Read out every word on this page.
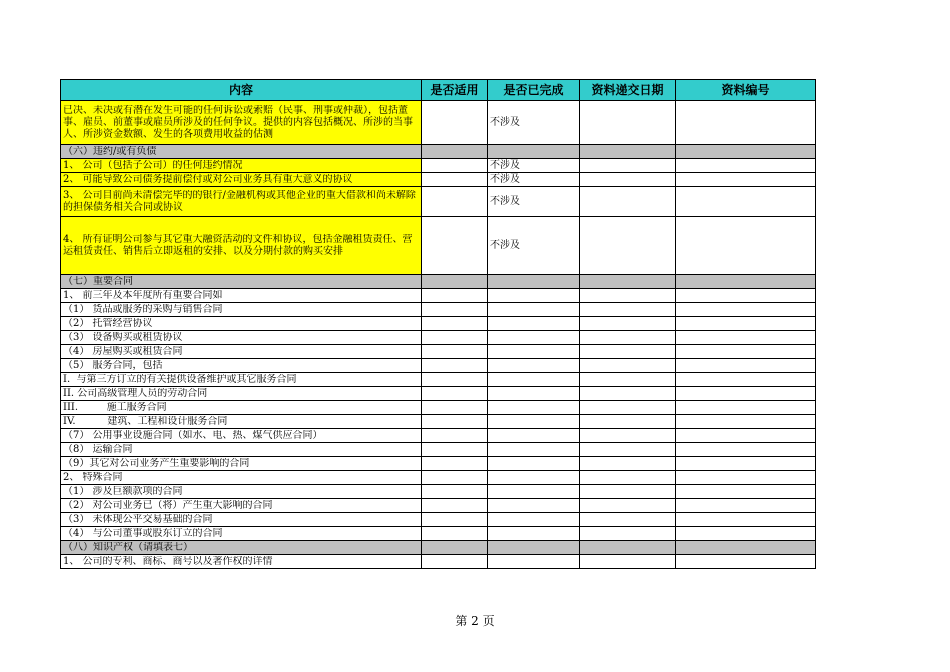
内容	是否适用	是否已完成	资料递交日期	资料编号

已决、未决或有潜在发生可能的任何诉讼或索赔（民事、刑事或仲裁），包括董事、雇员、前董事或雇员所涉及的任何争议。提供的内容包括概况、所涉的当事人、所涉资金数额、发生的各项费用收益的估测		不涉及		

（六）违约/或有负债				

1、 公司（包括子公司）的任何违约情况		不涉及		

2、 可能导致公司债务提前偿付或对公司业务具有重大意义的协议		不涉及		

3、 公司目前尚未清偿完毕的的银行/金融机构或其他企业的重大借款和尚未解除的担保债务相关合同或协议		不涉及		

4、 所有证明公司参与其它重大融资活动的文件和协议，包括金融租赁责任、营运租赁责任、销售后立即返租的安排、以及分期付款的购买安排		不涉及		

（七）重要合同				

1、 前三年及本年度所有重要合同如				

（1） 货品或服务的采购与销售合同				

（2） 托管经营协议				

（3） 设备购买或租赁协议				

（4） 房屋购买或租赁合同				

（5） 服务合同，包括				

I.  与第三方订立的有关提供设备维护或其它服务合同				

II. 公司高级管理人员的劳动合同				

III.         施工服务合同				

IV.          建筑、工程和设计服务合同				

（7） 公用事业设施合同（如水、电、热、煤气供应合同）				

（8） 运输合同				

（9）其它对公司业务产生重要影响的合同				

2、 特殊合同				

（1） 涉及巨额款项的合同				

（2） 对公司业务已（将）产生重大影响的合同				

（3） 未体现公平交易基础的合同				

（4） 与公司董事或股东订立的合同				

（八）知识产权（请填表七）				

1、 公司的专利、商标、商号以及著作权的详情				

第 2 页
